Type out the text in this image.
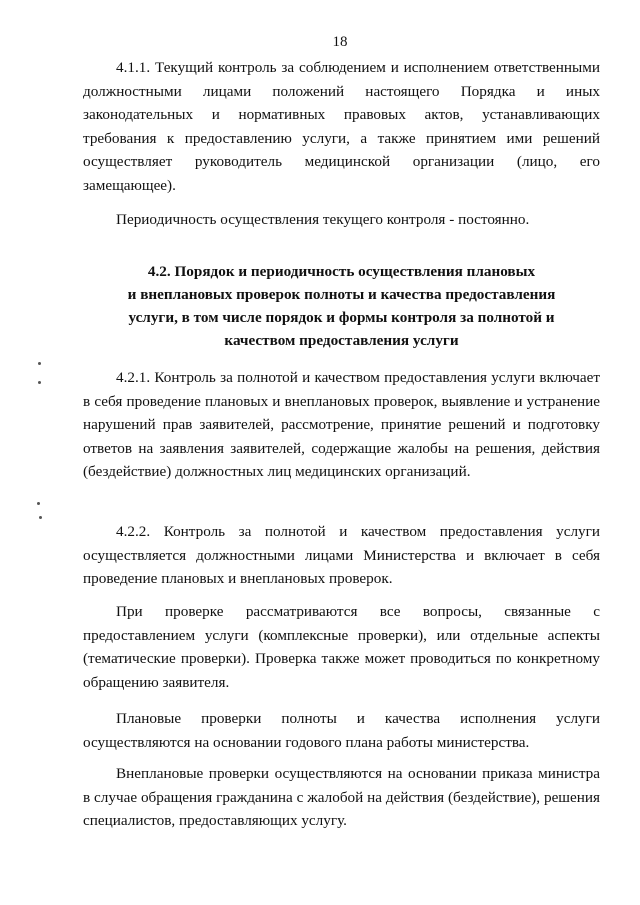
18

4.1.1. Текущий контроль за соблюдением и исполнением ответственными должностными лицами положений настоящего Порядка и иных законодательных и нормативных правовых актов, устанавливающих требования к предоставлению услуги, а также принятием ими решений осуществляет руководитель медицинской организации (лицо, его замещающее).

Периодичность осуществления текущего контроля - постоянно.

4.2. Порядок и периодичность осуществления плановых
и внеплановых проверок полноты и качества предоставления
услуги, в том числе порядок и формы контроля за полнотой и
качеством предоставления услуги

4.2.1. Контроль за полнотой и качеством предоставления услуги включает в себя проведение плановых и внеплановых проверок, выявление и устранение нарушений прав заявителей, рассмотрение, принятие решений и подготовку ответов на заявления заявителей, содержащие жалобы на решения, действия (бездействие) должностных лиц медицинских организаций.

4.2.2. Контроль за полнотой и качеством предоставления услуги осуществляется должностными лицами Министерства и включает в себя проведение плановых и внеплановых проверок.

При проверке рассматриваются все вопросы, связанные с предоставлением услуги (комплексные проверки), или отдельные аспекты (тематические проверки). Проверка также может проводиться по конкретному обращению заявителя.

Плановые проверки полноты и качества исполнения услуги осуществляются на основании годового плана работы министерства.

Внеплановые проверки осуществляются на основании приказа министра в случае обращения гражданина с жалобой на действия (бездействие), решения специалистов, предоставляющих услугу.
